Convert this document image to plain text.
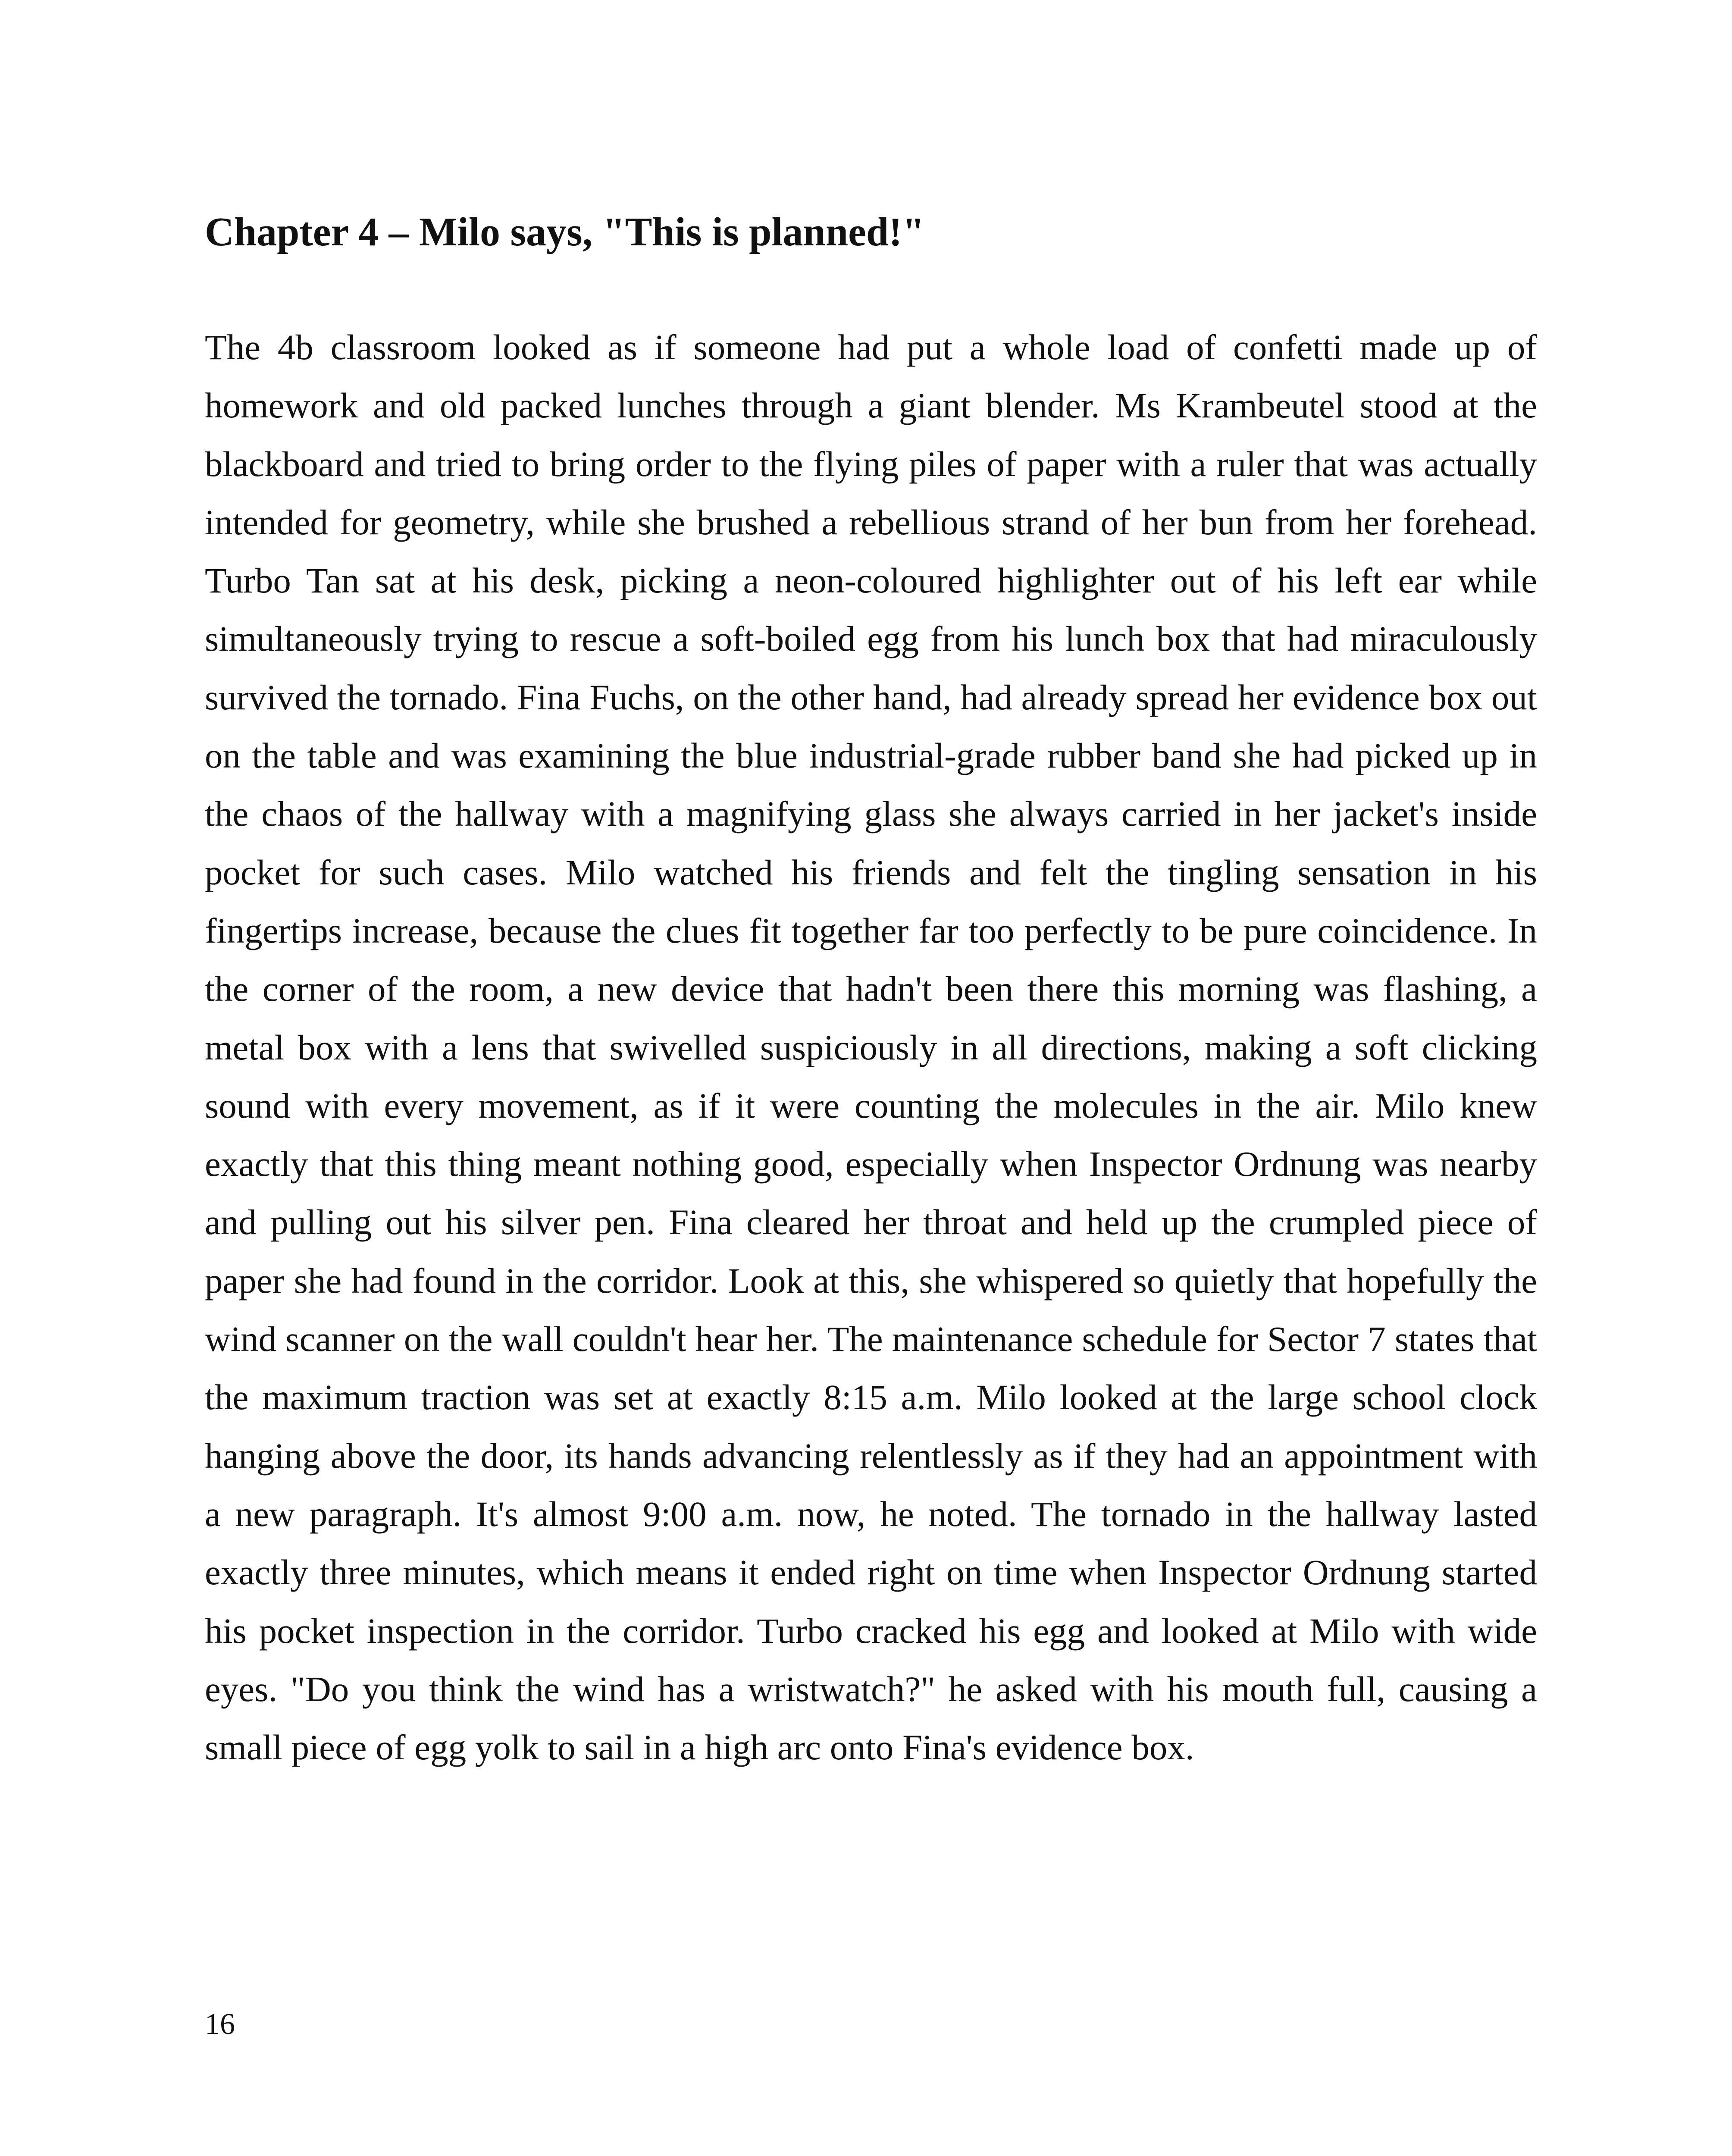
Chapter 4 – Milo says, "This is planned!"

The 4b classroom looked as if someone had put a whole load of confetti made up of homework and old packed lunches through a giant blender. Ms Krambeutel stood at the blackboard and tried to bring order to the flying piles of paper with a ruler that was actually intended for geometry, while she brushed a rebellious strand of her bun from her forehead. Turbo Tan sat at his desk, picking a neon-coloured highlighter out of his left ear while simultaneously trying to rescue a soft-boiled egg from his lunch box that had miraculously survived the tornado. Fina Fuchs, on the other hand, had already spread her evidence box out on the table and was examining the blue industrial-grade rubber band she had picked up in the chaos of the hallway with a magnifying glass she always carried in her jacket's inside pocket for such cases. Milo watched his friends and felt the tingling sensation in his fingertips increase, because the clues fit together far too perfectly to be pure coincidence. In the corner of the room, a new device that hadn't been there this morning was flashing, a metal box with a lens that swivelled suspiciously in all directions, making a soft clicking sound with every movement, as if it were counting the molecules in the air. Milo knew exactly that this thing meant nothing good, especially when Inspector Ordnung was nearby and pulling out his silver pen. Fina cleared her throat and held up the crumpled piece of paper she had found in the corridor. Look at this, she whispered so quietly that hopefully the wind scanner on the wall couldn't hear her. The maintenance schedule for Sector 7 states that the maximum traction was set at exactly 8:15 a.m. Milo looked at the large school clock hanging above the door, its hands advancing relentlessly as if they had an appointment with a new paragraph. It's almost 9:00 a.m. now, he noted. The tornado in the hallway lasted exactly three minutes, which means it ended right on time when Inspector Ordnung started his pocket inspection in the corridor. Turbo cracked his egg and looked at Milo with wide eyes. "Do you think the wind has a wristwatch?" he asked with his mouth full, causing a small piece of egg yolk to sail in a high arc onto Fina's evidence box.

16
